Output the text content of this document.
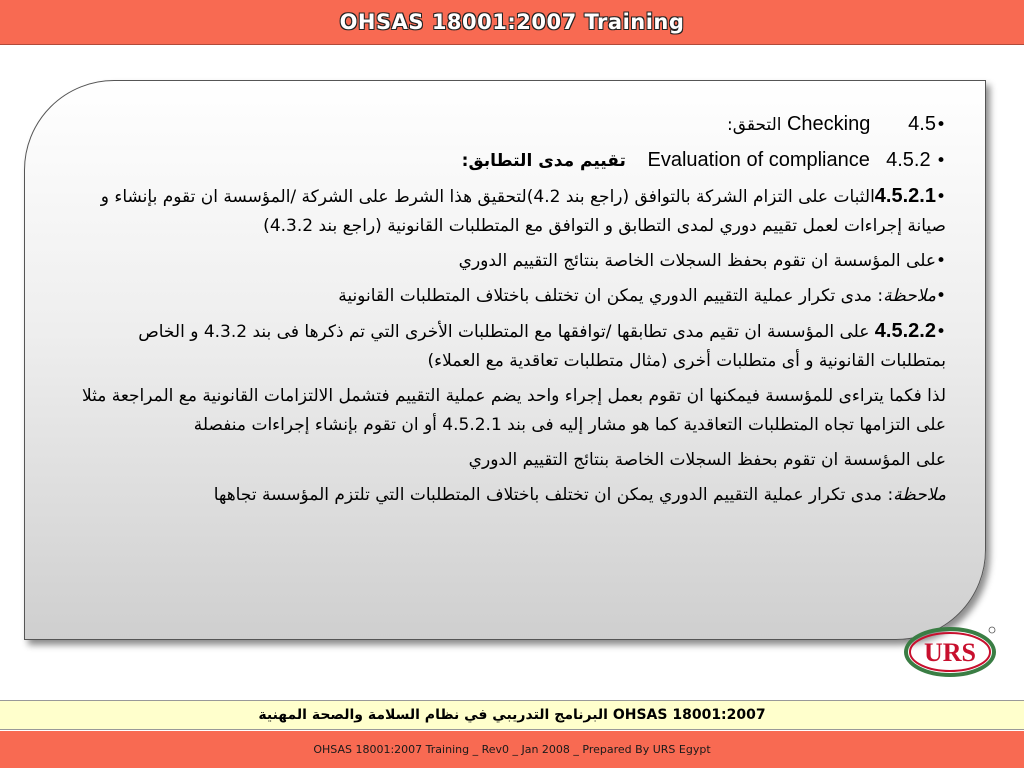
OHSAS 18001:2007 Training

•4.5       Checking التحقق:

• 4.5.2   Evaluation of compliance    تقييم مدى التطابق:

•4.5.2.1الثبات على التزام الشركة بالتوافق (راجع بند 4.2)لتحقيق هذا الشرط على الشركة /المؤسسة ان تقوم بإنشاء و صيانة إجراءات لعمل تقييم دوري لمدى التطابق و التوافق مع المتطلبات القانونية (راجع بند 4.3.2)

•على المؤسسة ان تقوم بحفظ السجلات الخاصة بنتائج التقييم الدوري

•ملاحظة: مدى تكرار عملية التقييم الدوري يمكن ان تختلف باختلاف المتطلبات القانونية

•4.5.2.2 على المؤسسة ان تقيم مدى تطابقها /توافقها مع المتطلبات الأخرى التي تم ذكرها فى بند 4.3.2 و الخاص بمتطلبات القانونية و أى متطلبات أخرى (مثال متطلبات تعاقدية مع العملاء)

لذا فكما يتراءى للمؤسسة فيمكنها ان تقوم بعمل إجراء واحد يضم عملية التقييم فتشمل الالتزامات القانونية مع المراجعة مثلا على التزامها تجاه المتطلبات التعاقدية كما هو مشار إليه فى بند 4.5.2.1 أو ان تقوم بإنشاء إجراءات منفصلة

على المؤسسة ان تقوم بحفظ السجلات الخاصة بنتائج التقييم الدوري

ملاحظة: مدى تكرار عملية التقييم الدوري يمكن ان تختلف باختلاف المتطلبات التي تلتزم المؤسسة تجاهها

URS
البرنامج التدريبي في نظام السلامة والصحة المهنية OHSAS 18001:2007
OHSAS 18001:2007 Training _ Rev0 _ Jan 2008 _ Prepared By URS Egypt
